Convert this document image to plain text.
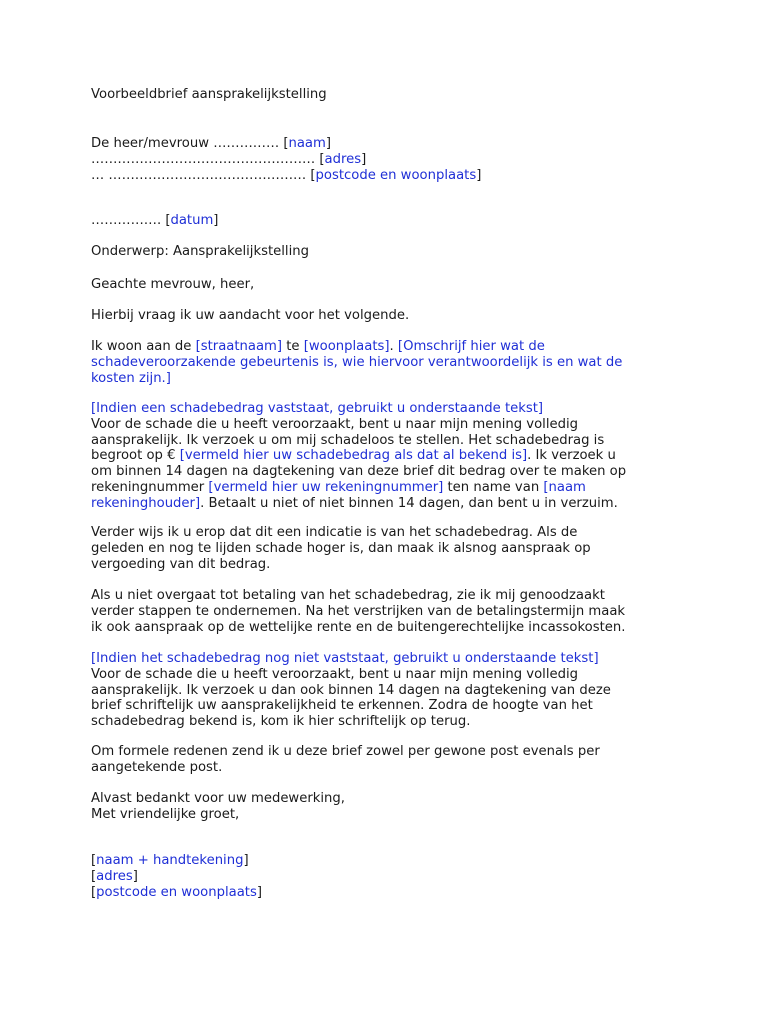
Voorbeeldbrief aansprakelijkstelling
De heer/mevrouw …………… [naam]
…………………………………………… [adres]
… ……………………………………… [postcode en woonplaats]
……………. [datum]
Onderwerp: Aansprakelijkstelling
Geachte mevrouw, heer,
Hierbij vraag ik uw aandacht voor het volgende.
Ik woon aan de [straatnaam] te [woonplaats]. [Omschrijf hier wat de
schadeveroorzakende gebeurtenis is, wie hiervoor verantwoordelijk is en wat de
kosten zijn.]
[Indien een schadebedrag vaststaat, gebruikt u onderstaande tekst]
Voor de schade die u heeft veroorzaakt, bent u naar mijn mening volledig
aansprakelijk. Ik verzoek u om mij schadeloos te stellen. Het schadebedrag is
begroot op € [vermeld hier uw schadebedrag als dat al bekend is]. Ik verzoek u
om binnen 14 dagen na dagtekening van deze brief dit bedrag over te maken op
rekeningnummer [vermeld hier uw rekeningnummer] ten name van [naam
rekeninghouder]. Betaalt u niet of niet binnen 14 dagen, dan bent u in verzuim.
Verder wijs ik u erop dat dit een indicatie is van het schadebedrag. Als de
geleden en nog te lijden schade hoger is, dan maak ik alsnog aanspraak op
vergoeding van dit bedrag.
Als u niet overgaat tot betaling van het schadebedrag, zie ik mij genoodzaakt
verder stappen te ondernemen. Na het verstrijken van de betalingstermijn maak
ik ook aanspraak op de wettelijke rente en de buitengerechtelijke incassokosten.
[Indien het schadebedrag nog niet vaststaat, gebruikt u onderstaande tekst]
Voor de schade die u heeft veroorzaakt, bent u naar mijn mening volledig
aansprakelijk. Ik verzoek u dan ook binnen 14 dagen na dagtekening van deze
brief schriftelijk uw aansprakelijkheid te erkennen. Zodra de hoogte van het
schadebedrag bekend is, kom ik hier schriftelijk op terug.
Om formele redenen zend ik u deze brief zowel per gewone post evenals per
aangetekende post.
Alvast bedankt voor uw medewerking,
Met vriendelijke groet,
[naam + handtekening]
[adres]
[postcode en woonplaats]
